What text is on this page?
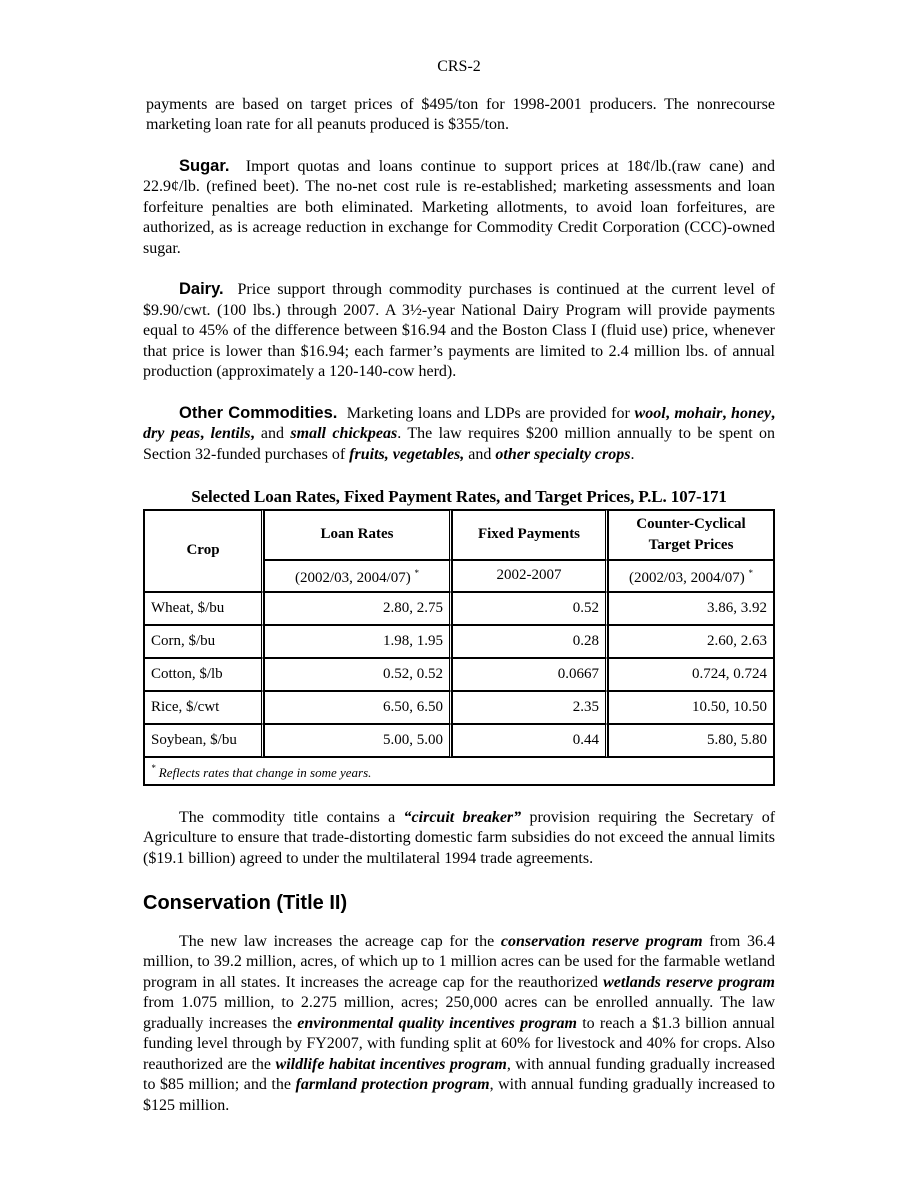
CRS-2

payments are based on target prices of $495/ton for 1998-2001 producers. The nonrecourse marketing loan rate for all peanuts produced is $355/ton.

Sugar. Import quotas and loans continue to support prices at 18¢/lb.(raw cane) and 22.9¢/lb. (refined beet). The no-net cost rule is re-established; marketing assessments and loan forfeiture penalties are both eliminated. Marketing allotments, to avoid loan forfeitures, are authorized, as is acreage reduction in exchange for Commodity Credit Corporation (CCC)-owned sugar.

Dairy. Price support through commodity purchases is continued at the current level of $9.90/cwt. (100 lbs.) through 2007. A 3½-year National Dairy Program will provide payments equal to 45% of the difference between $16.94 and the Boston Class I (fluid use) price, whenever that price is lower than $16.94; each farmer’s payments are limited to 2.4 million lbs. of annual production (approximately a 120-140-cow herd).

Other Commodities. Marketing loans and LDPs are provided for wool, mohair, honey, dry peas, lentils, and small chickpeas. The law requires $200 million annually to be spent on Section 32-funded purchases of fruits, vegetables, and other specialty crops.

Selected Loan Rates, Fixed Payment Rates, and Target Prices, P.L. 107-171
Crop	Loan Rates	Fixed Payments	Counter-Cyclical Target Prices
	(2002/03, 2004/07) *	2002-2007	(2002/03, 2004/07) *
Wheat, $/bu	2.80, 2.75	0.52	3.86, 3.92
Corn, $/bu	1.98, 1.95	0.28	2.60, 2.63
Cotton, $/lb	0.52, 0.52	0.0667	0.724, 0.724
Rice, $/cwt	6.50, 6.50	2.35	10.50, 10.50
Soybean, $/bu	5.00, 5.00	0.44	5.80, 5.80
* Reflects rates that change in some years.			

The commodity title contains a “circuit breaker” provision requiring the Secretary of Agriculture to ensure that trade-distorting domestic farm subsidies do not exceed the annual limits ($19.1 billion) agreed to under the multilateral 1994 trade agreements.

Conservation (Title II)

The new law increases the acreage cap for the conservation reserve program from 36.4 million, to 39.2 million, acres, of which up to 1 million acres can be used for the farmable wetland program in all states. It increases the acreage cap for the reauthorized wetlands reserve program from 1.075 million, to 2.275 million, acres; 250,000 acres can be enrolled annually. The law gradually increases the environmental quality incentives program to reach a $1.3 billion annual funding level through by FY2007, with funding split at 60% for livestock and 40% for crops. Also reauthorized are the wildlife habitat incentives program, with annual funding gradually increased to $85 million; and the farmland protection program, with annual funding gradually increased to $125 million.
